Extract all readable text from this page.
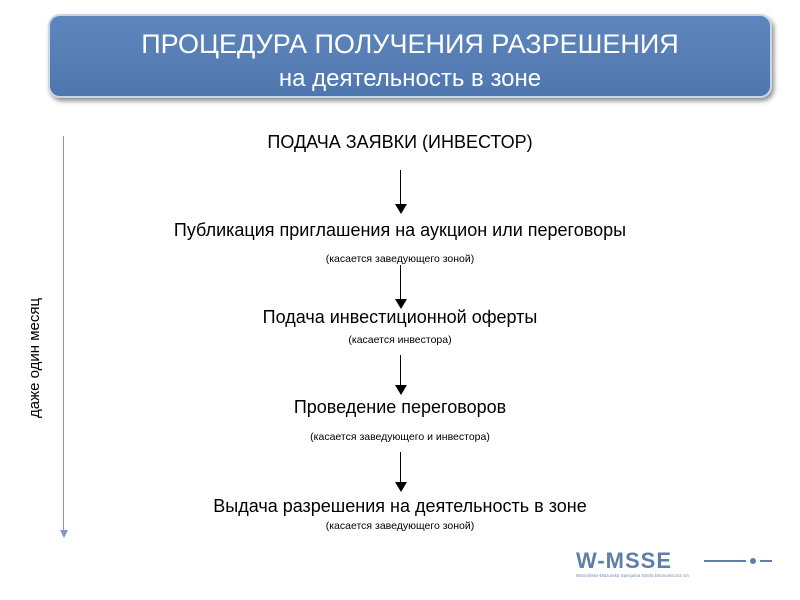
ПРОЦЕДУРА ПОЛУЧЕНИЯ РАЗРЕШЕНИЯ
на деятельность в зоне
даже один месяц
ПОДАЧА ЗАЯВКИ (ИНВЕСТОР)
Публикация приглашения на аукцион или переговоры
(касается заведующего зоной)
Подача инвестиционной оферты
(касается инвестора)
Проведение переговоров
(касается заведующего и инвестора)
Выдача разрешения на деятельность в зоне
(касается заведующего зоной)
W-MSSE
Warmińsko-Mazurska Specjalna Strefa Ekonomiczna SA
